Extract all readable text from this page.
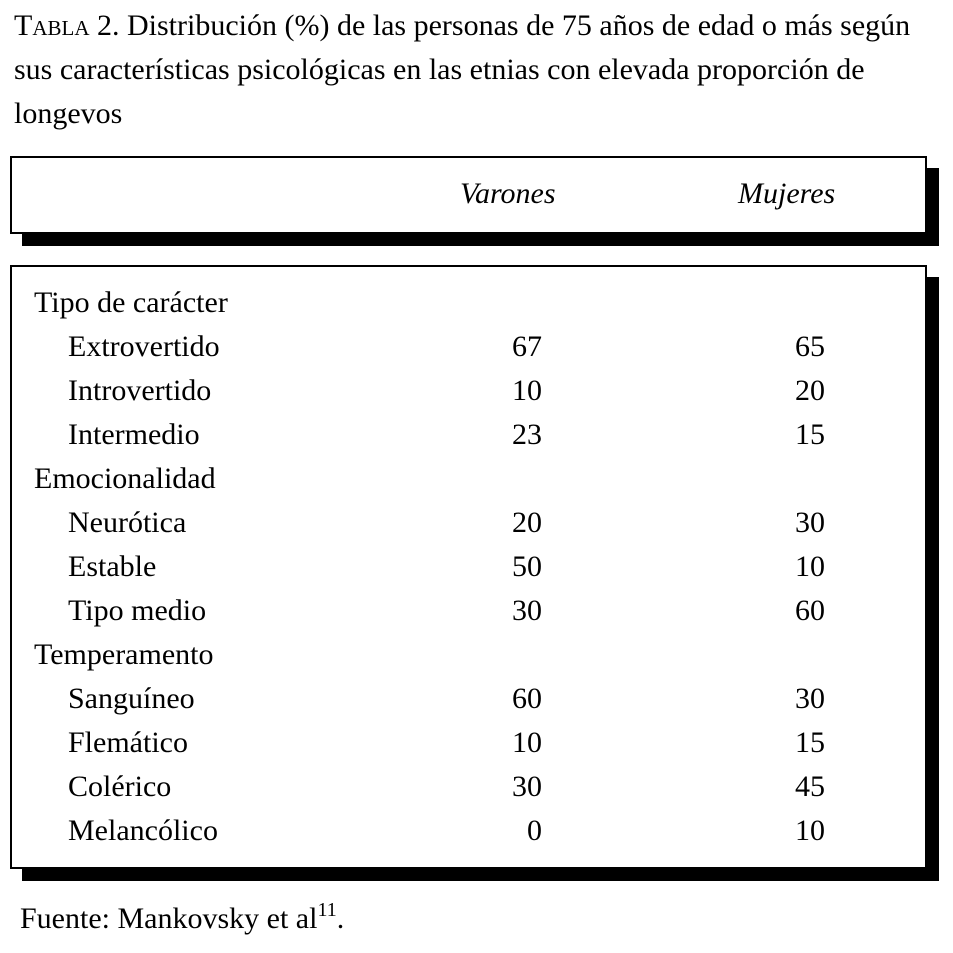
Tabla 2. Distribución (%) de las personas de 75 años de edad o más según sus características psicológicas en las etnias con elevada proporción de longevos

Varones	Mujeres
Tipo de carácter
Extrovertido	67	65
Introvertido	10	20
Intermedio	23	15
Emocionalidad
Neurótica	20	30
Estable	50	10
Tipo medio	30	60
Temperamento
Sanguíneo	60	30
Flemático	10	15
Colérico	30	45
Melancólico	0	10
Fuente: Mankovsky et $al^{11}$.
